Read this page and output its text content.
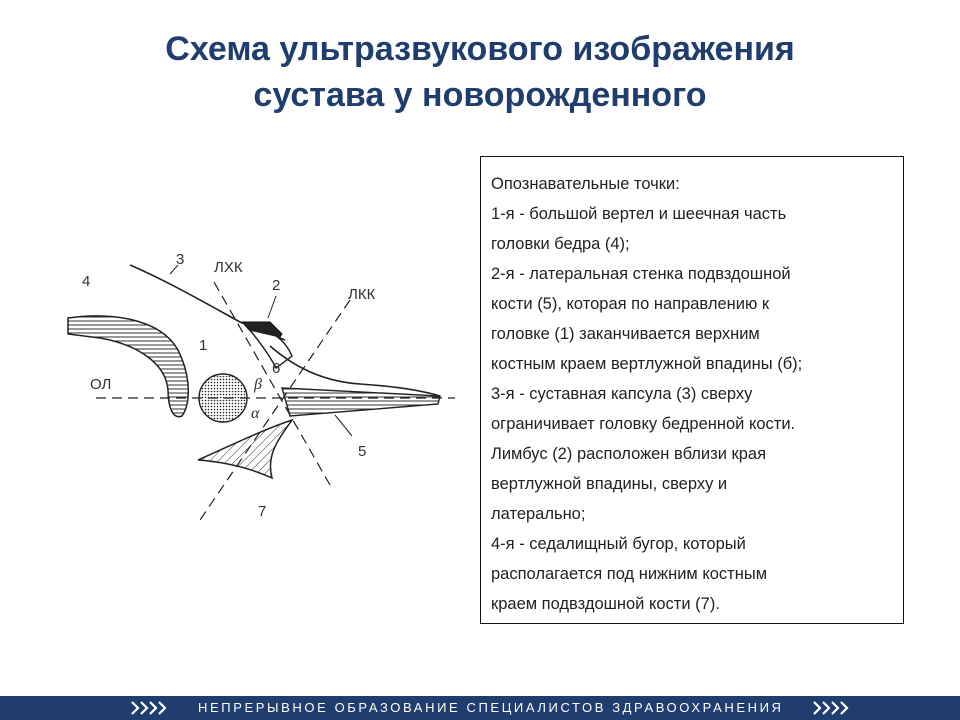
Схема ультразвукового изображения
сустава у новорожденного
4
3 ЛХК
2
ЛКК
1
6
ОЛ	β
α
5
7

Опознавательные точки:

1-я - большой вертел и шеечная часть

головки бедра (4);

2-я - латеральная стенка подвздошной

кости (5), которая по направлению к

головке (1) заканчивается верхним

костным краем вертлужной впадины (б);

3-я - суставная капсула (3) сверху

ограничивает головку бедренной кости.

Лимбус (2) расположен вблизи края

вертлужной впадины, сверху и

латерально;

4-я - седалищный бугор, который

располагается под нижним костным

краем подвздошной кости (7).

НЕПРЕРЫВНОЕ ОБРАЗОВАНИЕ СПЕЦИАЛИСТОВ ЗДРАВООХРАНЕНИЯ
